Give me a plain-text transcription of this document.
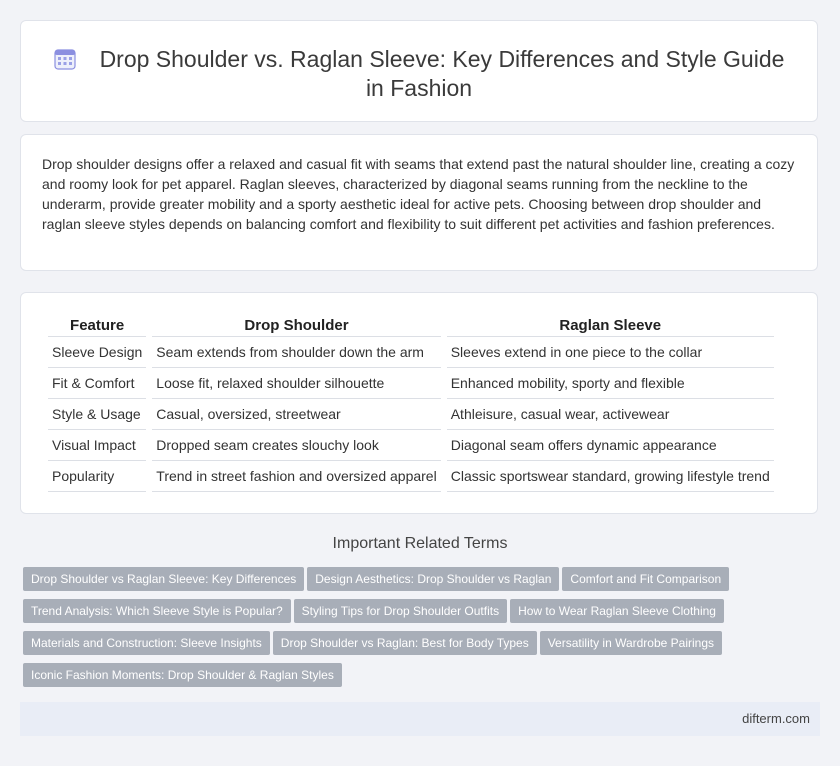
Drop Shoulder vs. Raglan Sleeve: Key Differences and Style Guide in Fashion
Drop shoulder designs offer a relaxed and casual fit with seams that extend past the natural shoulder line, creating a cozy and roomy look for pet apparel. Raglan sleeves, characterized by diagonal seams running from the neckline to the underarm, provide greater mobility and a sporty aesthetic ideal for active pets. Choosing between drop shoulder and raglan sleeve styles depends on balancing comfort and flexibility to suit different pet activities and fashion preferences.
Feature	Drop Shoulder	Raglan Sleeve
Sleeve Design	Seam extends from shoulder down the arm	Sleeves extend in one piece to the collar
Fit & Comfort	Loose fit, relaxed shoulder silhouette	Enhanced mobility, sporty and flexible
Style & Usage	Casual, oversized, streetwear	Athleisure, casual wear, activewear
Visual Impact	Dropped seam creates slouchy look	Diagonal seam offers dynamic appearance
Popularity	Trend in street fashion and oversized apparel	Classic sportswear standard, growing lifestyle trend
Important Related Terms
Drop Shoulder vs Raglan Sleeve: Key Differences Design Aesthetics: Drop Shoulder vs Raglan Comfort and Fit Comparison
Trend Analysis: Which Sleeve Style is Popular? Styling Tips for Drop Shoulder Outfits How to Wear Raglan Sleeve Clothing
Materials and Construction: Sleeve Insights Drop Shoulder vs Raglan: Best for Body Types Versatility in Wardrobe Pairings
Iconic Fashion Moments: Drop Shoulder & Raglan Styles
difterm.com
